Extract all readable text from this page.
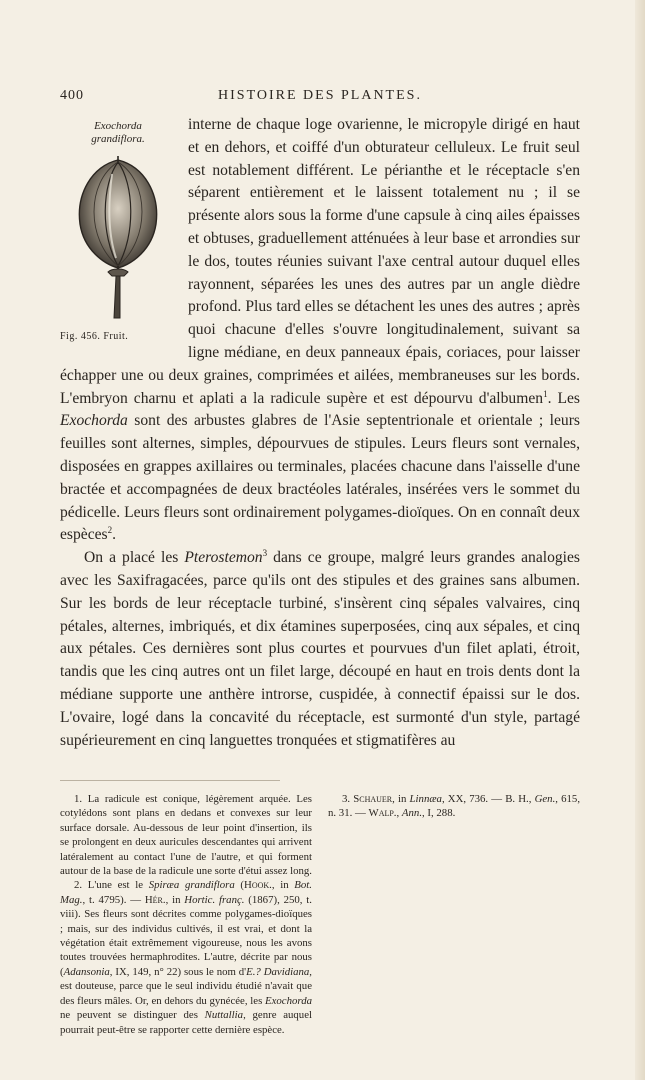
400	HISTOIRE DES PLANTES.
Exochorda
grandiflora.
Fig. 456. Fruit.

interne de chaque loge ovarienne, le micropyle dirigé en haut et en dehors, et coiffé d'un obturateur celluleux. Le fruit seul est notablement différent. Le périanthe et le réceptacle s'en séparent entièrement et le laissent totalement nu ; il se présente alors sous la forme d'une capsule à cinq ailes épaisses et obtuses, graduellement atténuées à leur base et arrondies sur le dos, toutes réunies suivant l'axe central autour duquel elles rayonnent, séparées les unes des autres par un angle dièdre profond. Plus tard elles se détachent les unes des autres ; après quoi chacune d'elles s'ouvre longitudinalement, suivant sa ligne médiane, en deux panneaux épais, coriaces, pour laisser échapper une ou deux graines, comprimées et ailées, membraneuses sur les bords. L'embryon charnu et aplati a la radicule supère et est dépourvu d'albumen$^1$. Les Exochorda sont des arbustes glabres de l'Asie septentrionale et orientale ; leurs feuilles sont alternes, simples, dépourvues de stipules. Leurs fleurs sont vernales, disposées en grappes axillaires ou terminales, placées chacune dans l'aisselle d'une bractée et accompagnées de deux bractéoles latérales, insérées vers le sommet du pédicelle. Leurs fleurs sont ordinairement polygames-dioïques. On en connaît deux espèces$^2$.

On a placé les Pterostemon$^3$ dans ce groupe, malgré leurs grandes analogies avec les Saxifragacées, parce qu'ils ont des stipules et des graines sans albumen. Sur les bords de leur réceptacle turbiné, s'insèrent cinq sépales valvaires, cinq pétales, alternes, imbriqués, et dix étamines superposées, cinq aux sépales, et cinq aux pétales. Ces dernières sont plus courtes et pourvues d'un filet aplati, étroit, tandis que les cinq autres ont un filet large, découpé en haut en trois dents dont la médiane supporte une anthère introrse, cuspidée, à connectif épaissi sur le dos. L'ovaire, logé dans la concavité du réceptacle, est surmonté d'un style, partagé supérieurement en cinq languettes tronquées et stigmatifères au

1. La radicule est conique, légèrement arquée. Les cotylédons sont plans en dedans et convexes sur leur surface dorsale. Au-dessous de leur point d'insertion, ils se prolongent en deux auricules descendantes qui arrivent latéralement au contact l'une de l'autre, et qui forment autour de la base de la radicule une sorte d'étui assez long.

2. L'une est le Spiræa grandiflora (Hook., in Bot. Mag., t. 4795). — Hér., in Hortic. franç. (1867), 250, t. viii). Ses fleurs sont décrites comme polygames-dioïques ; mais, sur des individus cultivés, il est vrai, et dont la végétation était extrêmement vigoureuse, nous les avons toutes trouvées hermaphrodites. L'autre, décrite par nous (Adansonia, IX, 149, n° 22) sous le nom d'E.? Davidiana, est douteuse, parce que le seul individu étudié n'avait que des fleurs mâles. Or, en dehors du gynécée, les Exochorda ne peuvent se distinguer des Nuttallia, genre auquel pourrait peut-être se rapporter cette dernière espèce.

3. Schauer, in Linnæa, XX, 736. — B. H., Gen., 615, n. 31. — Walp., Ann., I, 288.
